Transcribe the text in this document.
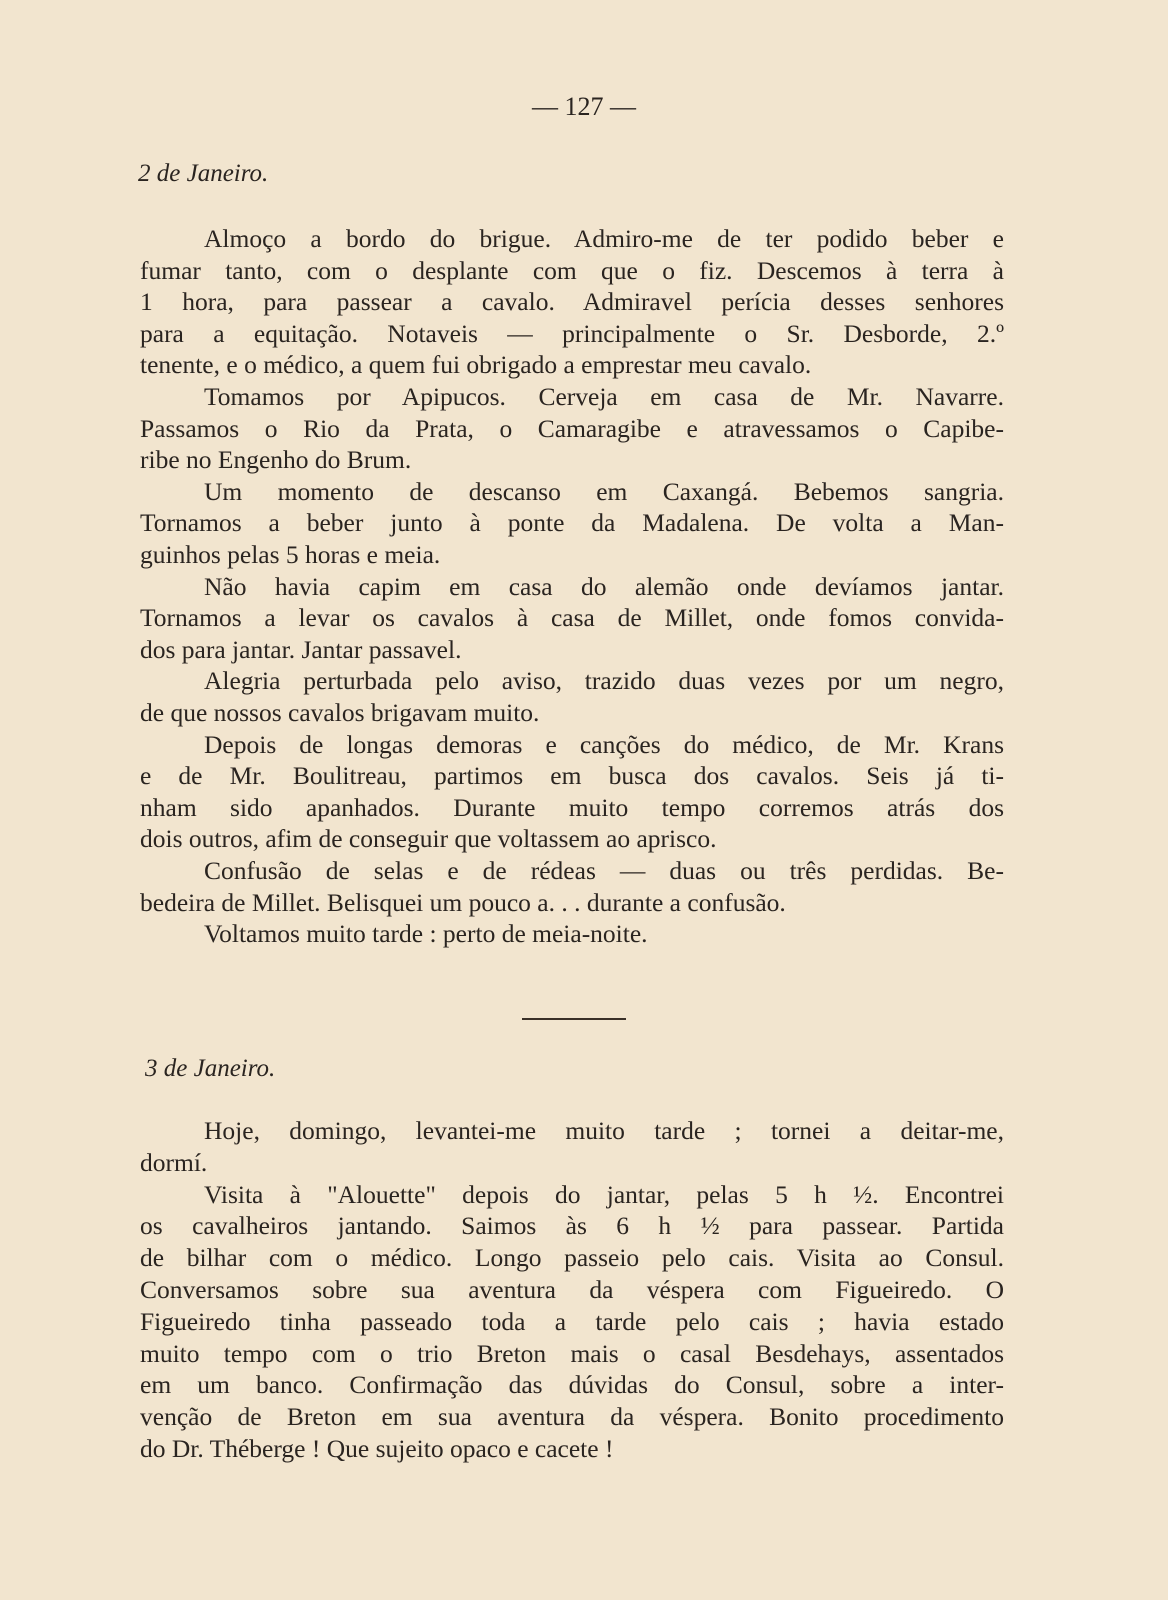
— 127 —
2 de Janeiro.
Almoço a bordo do brigue. Admiro-me de ter podido beber e
fumar tanto, com o desplante com que o fiz. Descemos à terra à
1 hora, para passear a cavalo. Admiravel perícia desses senhores
para a equitação. Notaveis — principalmente o Sr. Desborde, 2.º
tenente, e o médico, a quem fui obrigado a emprestar meu cavalo.
Tomamos por Apipucos. Cerveja em casa de Mr. Navarre.
Passamos o Rio da Prata, o Camaragibe e atravessamos o Capibe-
ribe no Engenho do Brum.
Um momento de descanso em Caxangá. Bebemos sangria.
Tornamos a beber junto à ponte da Madalena. De volta a Man-
guinhos pelas 5 horas e meia.
Não havia capim em casa do alemão onde devíamos jantar.
Tornamos a levar os cavalos à casa de Millet, onde fomos convida-
dos para jantar. Jantar passavel.
Alegria perturbada pelo aviso, trazido duas vezes por um negro,
de que nossos cavalos brigavam muito.
Depois de longas demoras e canções do médico, de Mr. Krans
e de Mr. Boulitreau, partimos em busca dos cavalos. Seis já ti-
nham sido apanhados. Durante muito tempo corremos atrás dos
dois outros, afim de conseguir que voltassem ao aprisco.
Confusão de selas e de rédeas — duas ou três perdidas. Be-
bedeira de Millet. Belisquei um pouco a. . . durante a confusão.
Voltamos muito tarde : perto de meia-noite.
3 de Janeiro.
Hoje, domingo, levantei-me muito tarde ; tornei a deitar-me,
dormí.
Visita à "Alouette" depois do jantar, pelas 5 h ½. Encontrei
os cavalheiros jantando. Saimos às 6 h ½ para passear. Partida
de bilhar com o médico. Longo passeio pelo cais. Visita ao Consul.
Conversamos sobre sua aventura da véspera com Figueiredo. O
Figueiredo tinha passeado toda a tarde pelo cais ; havia estado
muito tempo com o trio Breton mais o casal Besdehays, assentados
em um banco. Confirmação das dúvidas do Consul, sobre a inter-
venção de Breton em sua aventura da véspera. Bonito procedimento
do Dr. Théberge ! Que sujeito opaco e cacete !
